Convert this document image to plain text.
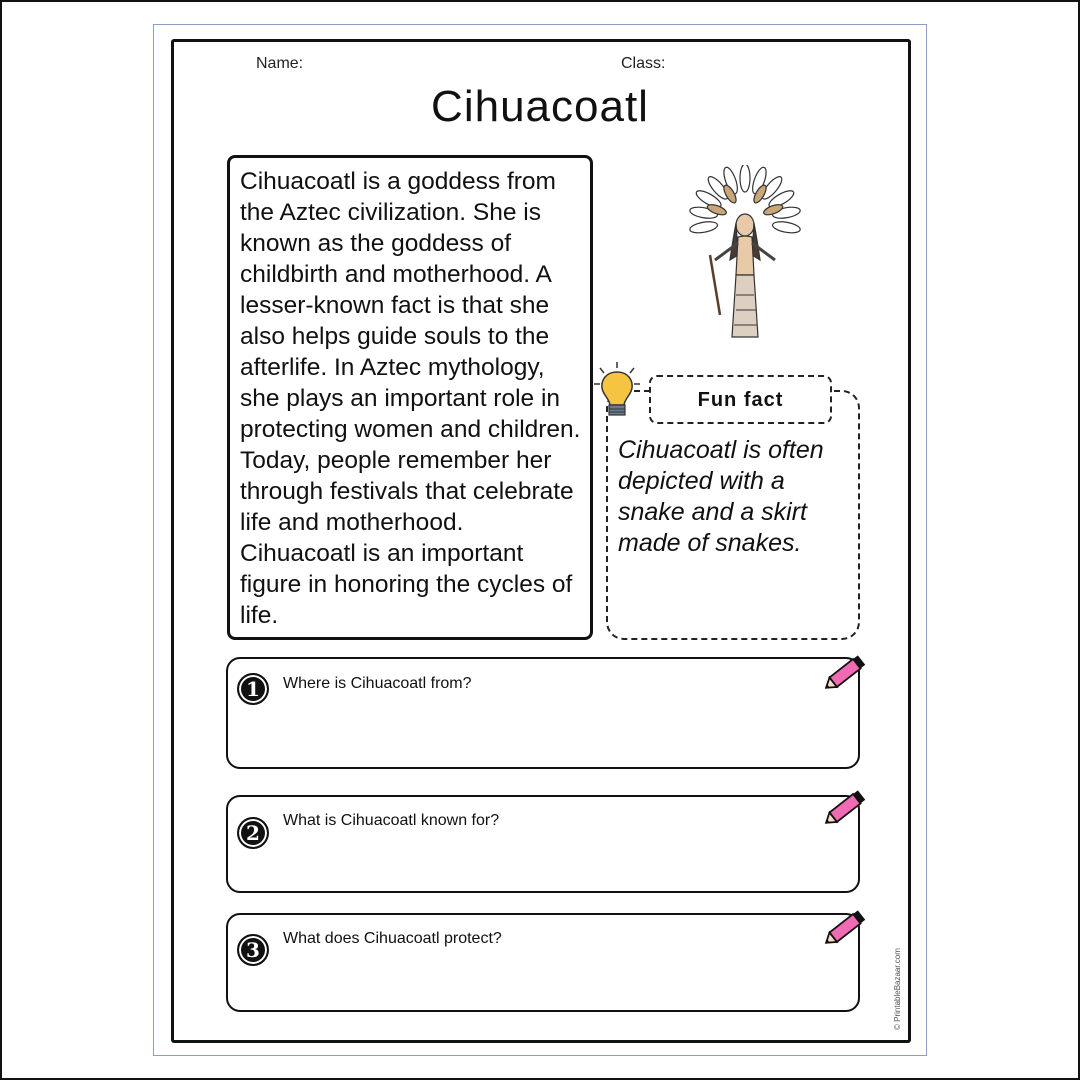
Name:	Class:
Cihuacoatl

Cihuacoatl is a goddess from the Aztec civilization. She is known as the goddess of childbirth and motherhood. A lesser-known fact is that she also helps guide souls to the afterlife. In Aztec mythology, she plays an important role in protecting women and children. Today, people remember her through festivals that celebrate life and motherhood. Cihuacoatl is an important figure in honoring the cycles of life.

Fun fact
Cihuacoatl is often depicted with a snake and a skirt made of snakes.
1	Where is Cihuacoatl from?
2
What is Cihuacoatl known for?
3	What does Cihuacoatl protect?
© PrintableBazaar.com
